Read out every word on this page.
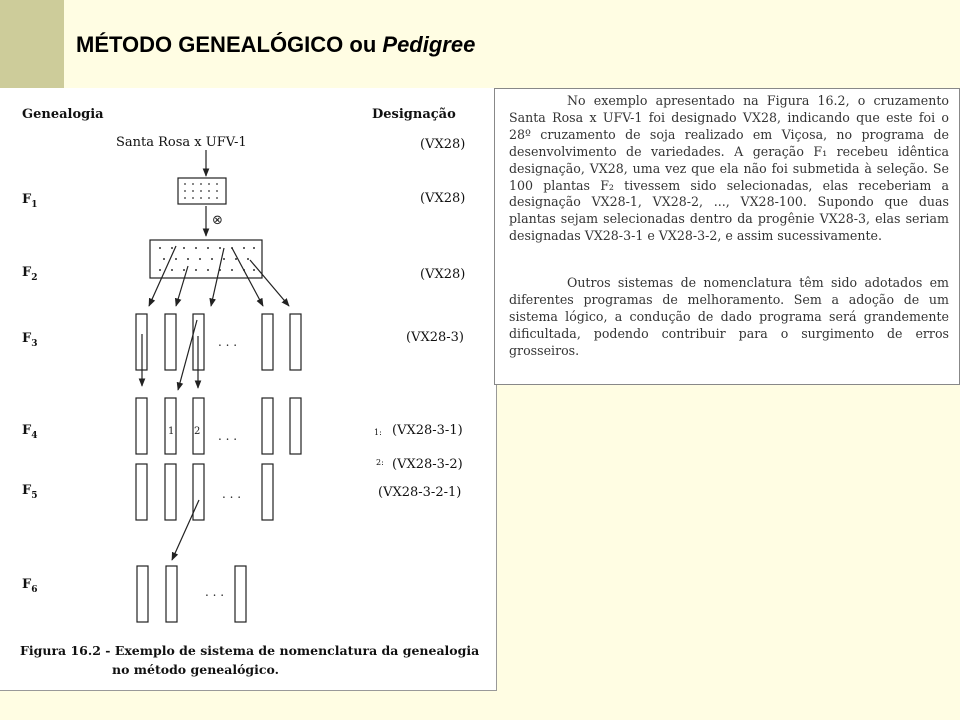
MÉTODO GENEALÓGICO ou Pedigree
Genealogia	Designação
Santa Rosa x UFV-1
⊗
. . .
1 2 . . .
. . .
. . .
$F_1$
$F_2$
$F_3$
$F_4$
$F_5$
$F_6$
(VX28)
(VX28)
(VX28)
(VX28-3)
(VX28-3-1)
(VX28-3-2)
(VX28-3-2-1)
1:
2:
Figura 16.2 - Exemplo de sistema de nomenclatura da genealogia
no método genealógico.
No exemplo apresentado na Figura 16.2, o cruzamento Santa Rosa x UFV-1 foi designado VX28, indicando que este foi o 28º cruzamento de soja realizado em Viçosa, no programa de desenvolvimento de variedades. A geração F₁ recebeu idêntica designação, VX28, uma vez que ela não foi submetida à seleção. Se 100 plantas F₂ tivessem sido selecionadas, elas receberiam a designação VX28-1, VX28-2, ..., VX28-100. Supondo que duas plantas sejam selecionadas dentro da progênie VX28-3, elas seriam designadas VX28-3-1 e VX28-3-2, e assim sucessivamente.
Outros sistemas de nomenclatura têm sido adotados em diferentes programas de melhoramento. Sem a adoção de um sistema lógico, a condução de dado programa será grandemente dificultada, podendo contribuir para o surgimento de erros grosseiros.
